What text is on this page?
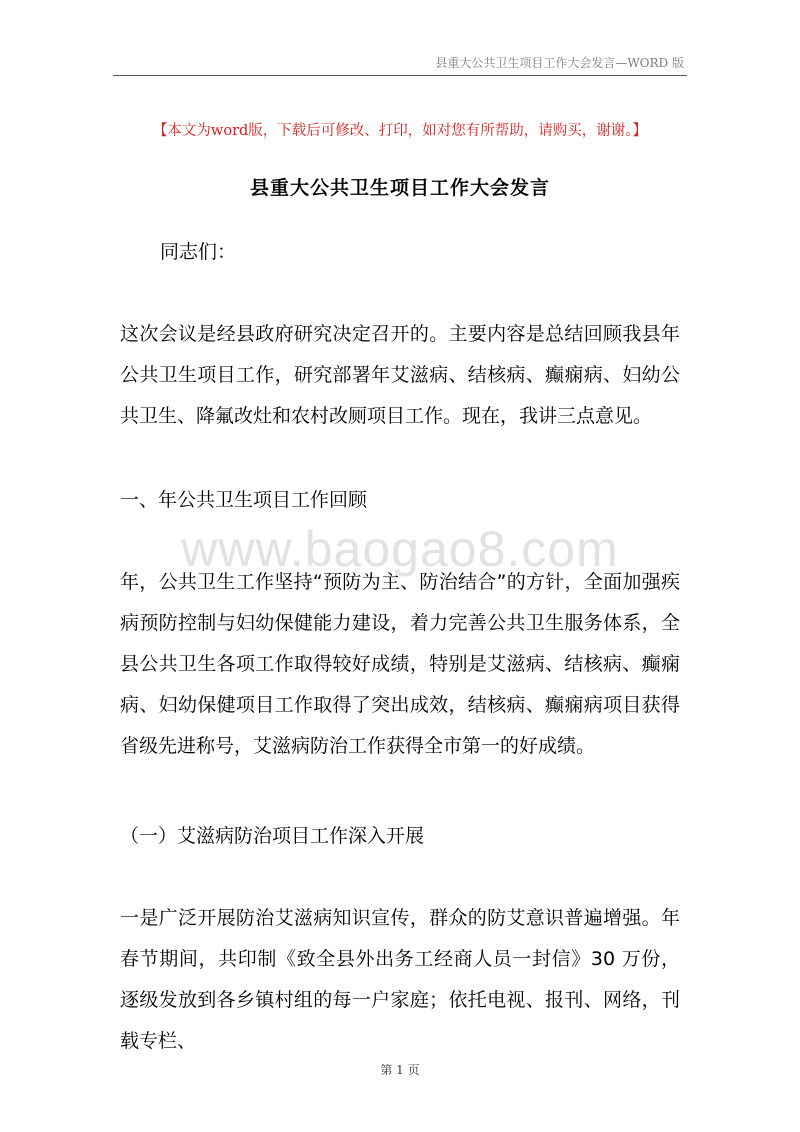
县重大公共卫生项目工作大会发言—WORD 版
【本文为word版，下载后可修改、打印，如对您有所帮助，请购买，谢谢。】
县重大公共卫生项目工作大会发言

同志们：

这次会议是经县政府研究决定召开的。主要内容是总结回顾我县年公共卫生项目工作，研究部署年艾滋病、结核病、癫痫病、妇幼公共卫生、降氟改灶和农村改厕项目工作。现在，我讲三点意见。

一、年公共卫生项目工作回顾

www.baogao8.com

年，公共卫生工作坚持“预防为主、防治结合”的方针，全面加强疾病预防控制与妇幼保健能力建设，着力完善公共卫生服务体系，全县公共卫生各项工作取得较好成绩，特别是艾滋病、结核病、癫痫病、妇幼保健项目工作取得了突出成效，结核病、癫痫病项目获得省级先进称号，艾滋病防治工作获得全市第一的好成绩。

（一）艾滋病防治项目工作深入开展

一是广泛开展防治艾滋病知识宣传，群众的防艾意识普遍增强。年春节期间，共印制《致全县外出务工经商人员一封信》30 万份，逐级发放到各乡镇村组的每一户家庭；依托电视、报刊、网络，刊载专栏、

第 1 页
